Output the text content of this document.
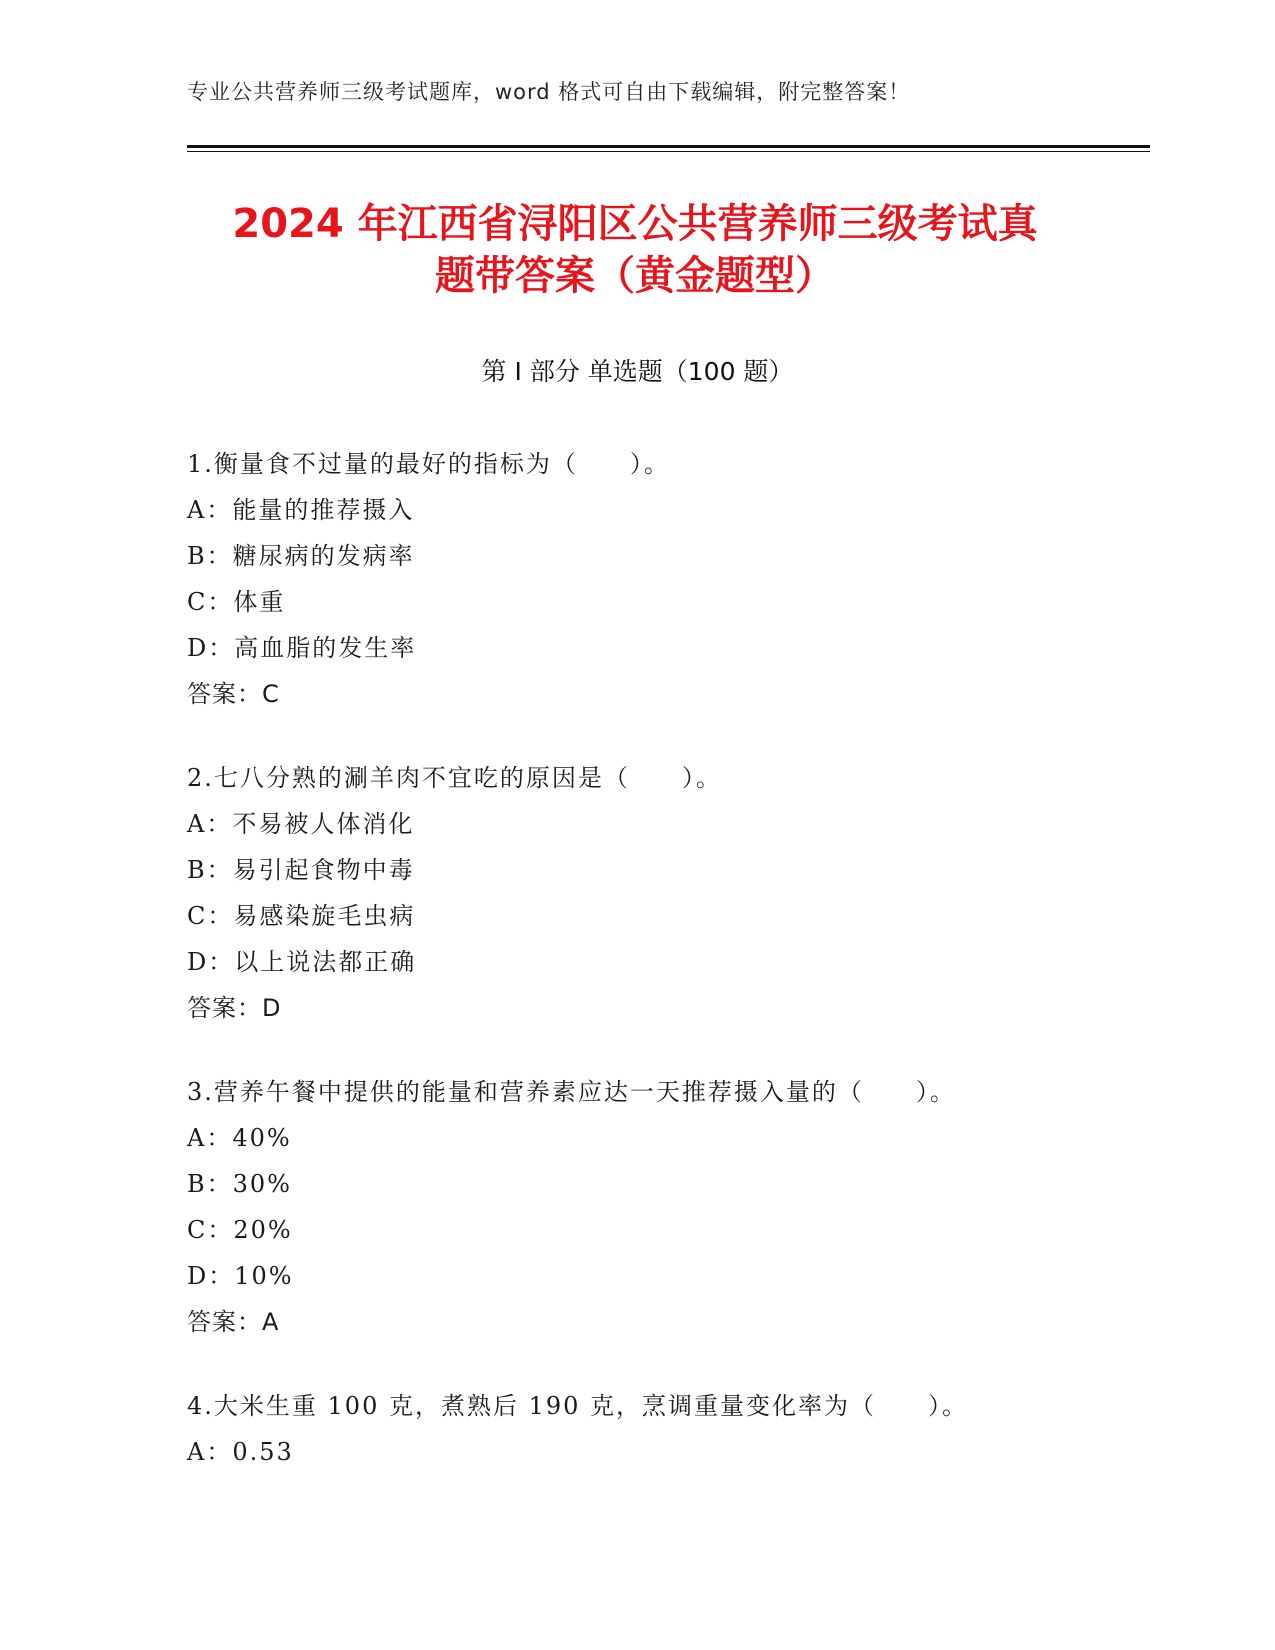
专业公共营养师三级考试题库，word 格式可自由下载编辑，附完整答案！
2024 年江西省浔阳区公共营养师三级考试真
题带答案（黄金题型）
第 I 部分 单选题（100 题）
1.衡量食不过量的最好的指标为（　　）。
A：能量的推荐摄入
B：糖尿病的发病率
C：体重
D：高血脂的发生率
答案：C
2.七八分熟的涮羊肉不宜吃的原因是（　　）。
A：不易被人体消化
B：易引起食物中毒
C：易感染旋毛虫病
D：以上说法都正确
答案：D
3.营养午餐中提供的能量和营养素应达一天推荐摄入量的（　　）。
A：40%
B：30%
C：20%
D：10%
答案：A
4.大米生重 100 克，煮熟后 190 克，烹调重量变化率为（　　）。
A：0.53
